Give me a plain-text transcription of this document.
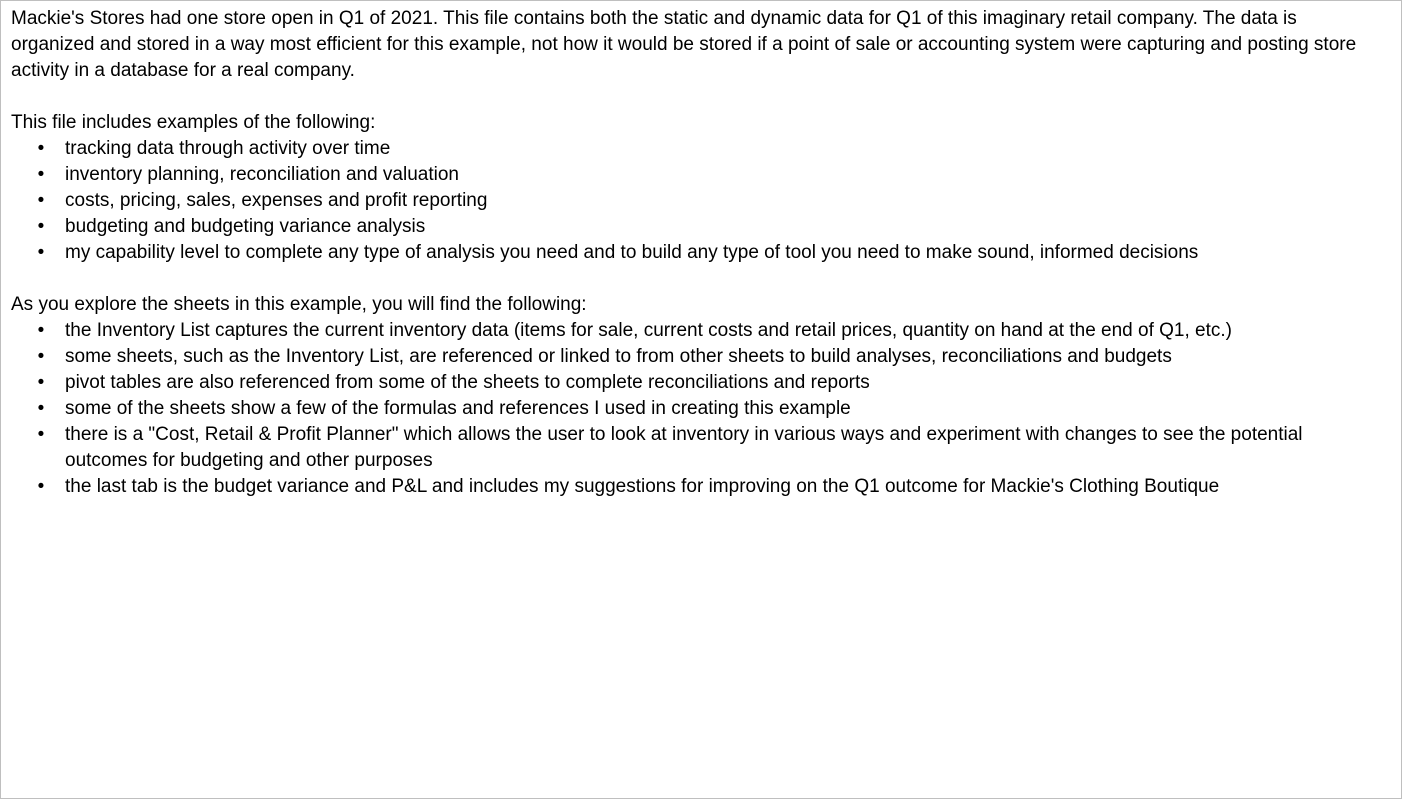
Mackie's Stores had one store open in Q1 of 2021. This file contains both the static and dynamic data for Q1 of this imaginary retail company. The data is organized and stored in a way most efficient for this example, not how it would be stored if a point of sale or accounting system were capturing and posting store activity in a database for a real company.

This file includes examples of the following:

• tracking data through activity over time
• inventory planning, reconciliation and valuation
• costs, pricing, sales, expenses and profit reporting
• budgeting and budgeting variance analysis
• my capability level to complete any type of analysis you need and to build any type of tool you need to make sound, informed decisions

As you explore the sheets in this example, you will find the following:

• the Inventory List captures the current inventory data (items for sale, current costs and retail prices, quantity on hand at the end of Q1, etc.)
• some sheets, such as the Inventory List, are referenced or linked to from other sheets to build analyses, reconciliations and budgets
• pivot tables are also referenced from some of the sheets to complete reconciliations and reports
• some of the sheets show a few of the formulas and references I used in creating this example
• there is a "Cost, Retail & Profit Planner" which allows the user to look at inventory in various ways and experiment with changes to see the potential outcomes for budgeting and other purposes
• the last tab is the budget variance and P&L and includes my suggestions for improving on the Q1 outcome for Mackie's Clothing Boutique
